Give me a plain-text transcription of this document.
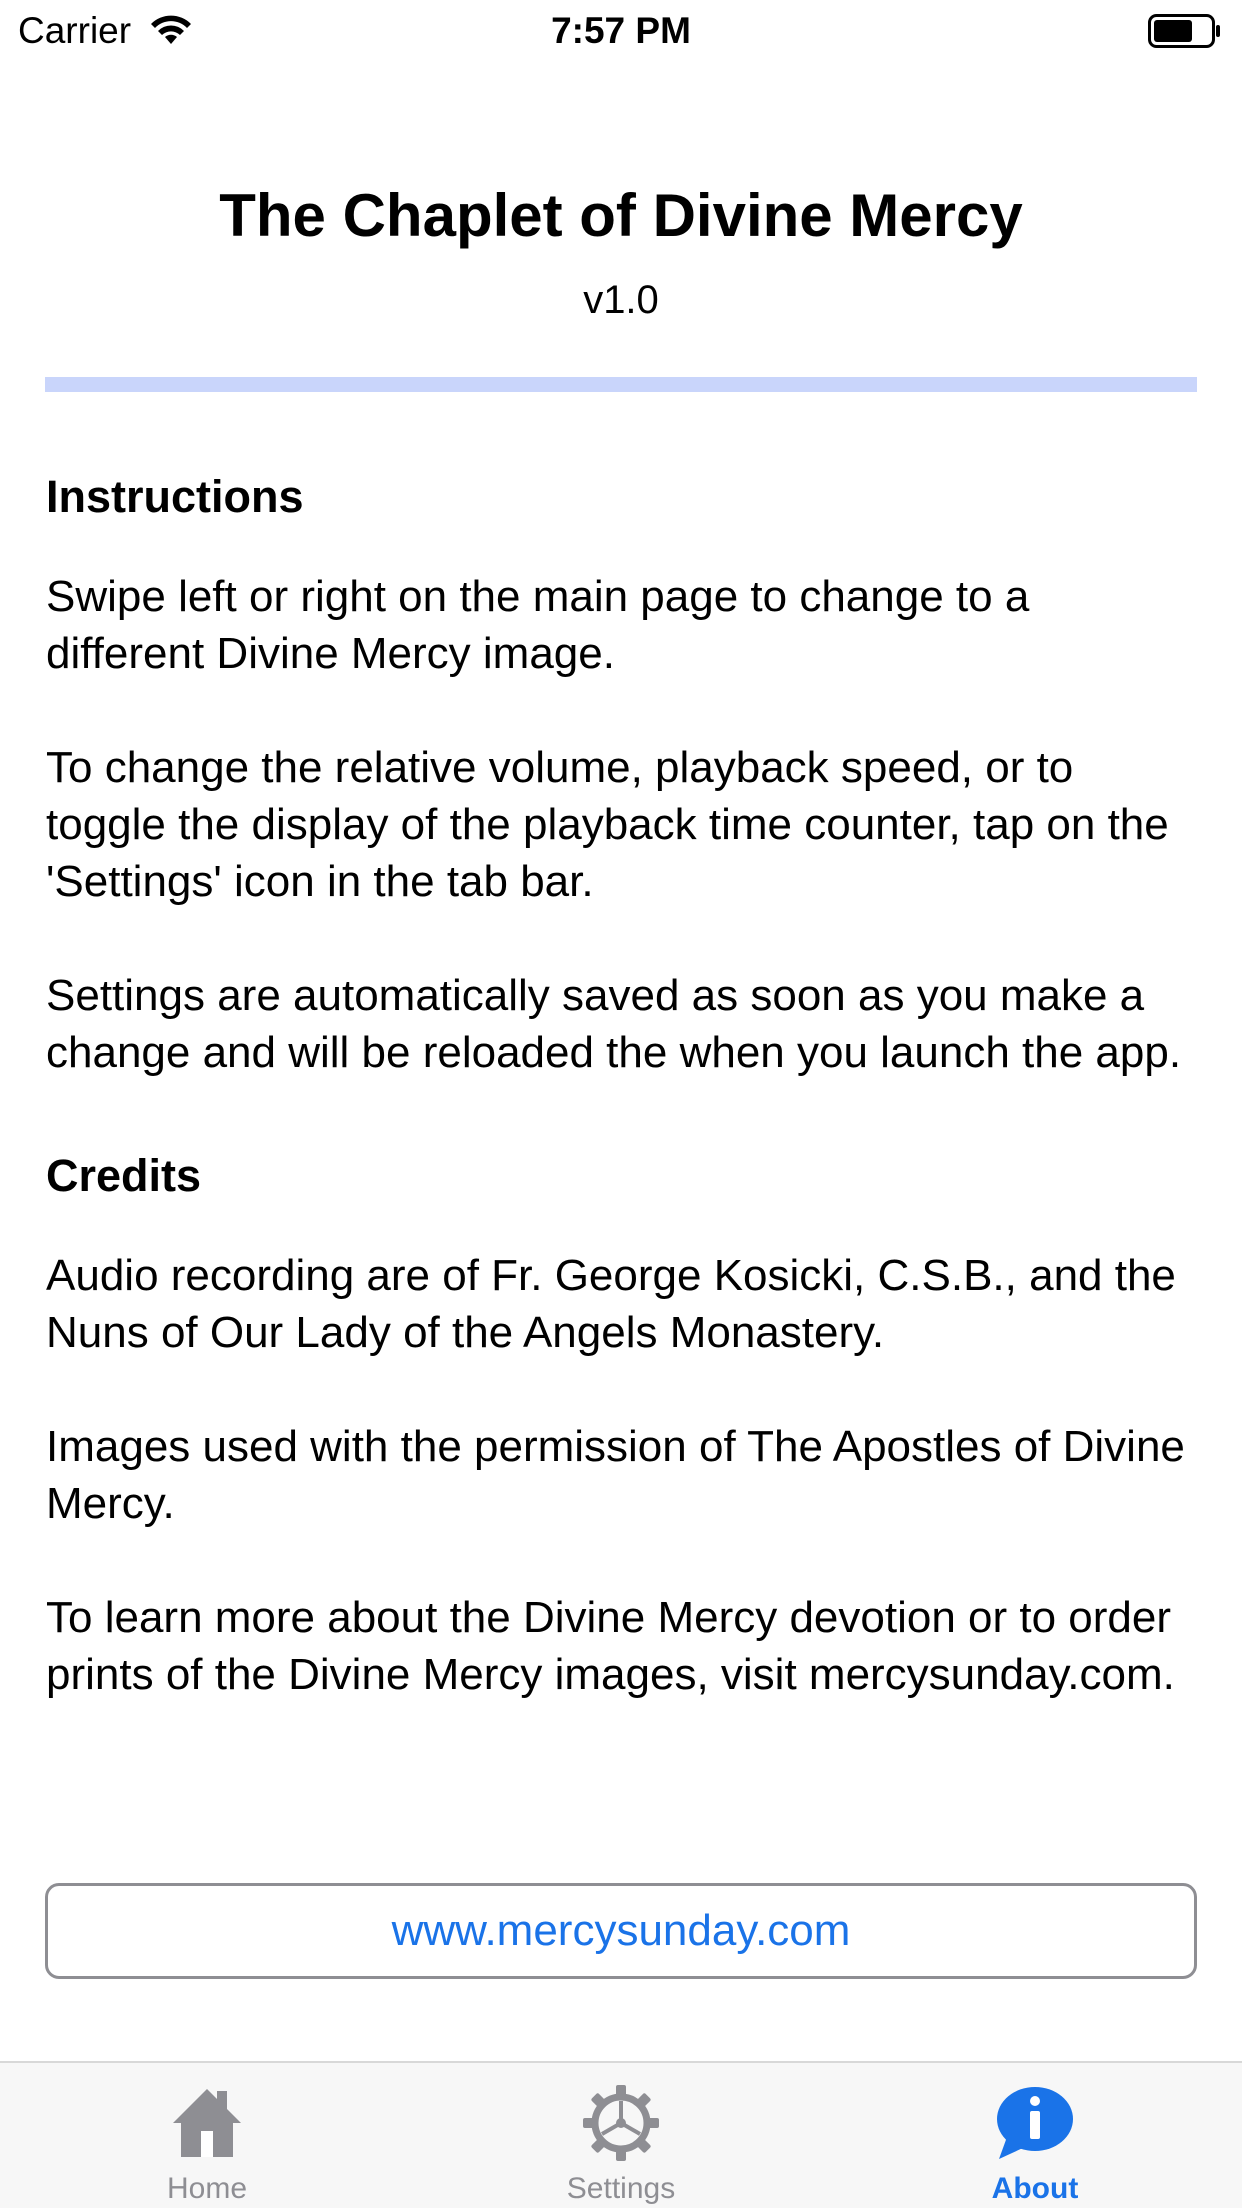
Carrier	7:57 PM
The Chaplet of Divine Mercy
v1.0
Instructions

Swipe left or right on the main page to change to a different Divine Mercy image.

To change the relative volume, playback speed, or to toggle the display of the playback time counter, tap on the 'Settings' icon in the tab bar.

Settings are automatically saved as soon as you make a change and will be reloaded the when you launch the app.

Credits

Audio recording are of Fr. George Kosicki, C.S.B., and the Nuns of Our Lady of the Angels Monastery.

Images used with the permission of The Apostles of Divine Mercy.

To learn more about the Divine Mercy devotion or to order prints of the Divine Mercy images, visit mercysunday.com.

www.mercysunday.com
Home	Settings	About
